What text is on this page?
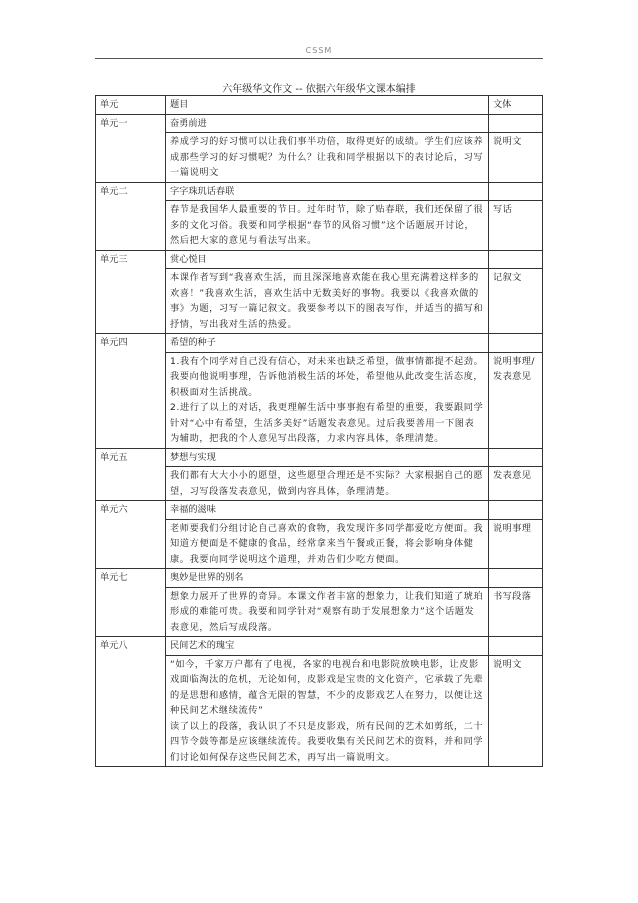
CSSM
六年级华文作文 -- 依据六年级华文课本编排
单元	题目	文体
单元一	奋勇前进	

	养成学习的好习惯可以让我们事半功倍，取得更好的成绩。学生们应该养成那些学习的好习惯呢？为什么？让我和同学根据以下的表讨论后，习写一篇说明文	说明文
单元二	字字珠玑话春联	

	春节是我国华人最重要的节日。过年时节，除了贴春联，我们还保留了很多的文化习俗。我要和同学根据“春节的风俗习惯”这个话题展开讨论，然后把大家的意见与看法写出来。	写话
单元三	赏心悦目	

	本课作者写到“我喜欢生活，而且深深地喜欢能在我心里充满着这样多的欢喜！”我喜欢生活，喜欢生活中无数美好的事物。我要以《我喜欢做的事》为题，习写一篇记叙文。我要参考以下的图表写作，并适当的描写和抒情，写出我对生活的热爱。	记叙文
单元四	希望的种子	

	1.我有个同学对自己没有信心，对未来也缺乏希望，做事情都提不起劲。我要向他说明事理，告诉他消极生活的坏处，希望他从此改变生活态度，积极面对生活挑战。
2.进行了以上的对话，我更理解生活中事事抱有希望的重要，我要跟同学针对“心中有希望，生活多美好”话题发表意见。过后我要善用一下图表为辅助，把我的个人意见写出段落，力求内容具体，条理清楚。	说明事理/发表意见
单元五	梦想与实现	

	我们都有大大小小的愿望，这些愿望合理还是不实际？大家根据自己的愿望，习写段落发表意见，做到内容具体，条理清楚。	发表意见
单元六	幸福的滋味	

	老师要我们分组讨论自己喜欢的食物，我发现许多同学都爱吃方便面。我知道方便面是不健康的食品，经常拿来当午餐或正餐，将会影响身体健康。我要向同学说明这个道理，并劝告们少吃方便面。	说明事理
单元七	奥妙是世界的别名	

	想象力展开了世界的奇异。本课文作者丰富的想象力，让我们知道了琥珀形成的难能可贵。我要和同学针对“观察有助于发展想象力”这个话题发表意见，然后写成段落。	书写段落
单元八	民间艺术的瑰宝	

	“如今，千家万户都有了电视，各家的电视台和电影院放映电影，让皮影戏面临淘汰的危机，无论如何，皮影戏是宝贵的文化资产，它承载了先辈的是思想和感情，蕴含无限的智慧，不少的皮影戏艺人在努力，以便让这种民间艺术继续流传”
读了以上的段落，我认识了不只是皮影戏，所有民间的艺术如剪纸，二十四节令鼓等都是应该继续流传。我要收集有关民间艺术的资料，并和同学们讨论如何保存这些民间艺术，再写出一篇说明文。	说明文
